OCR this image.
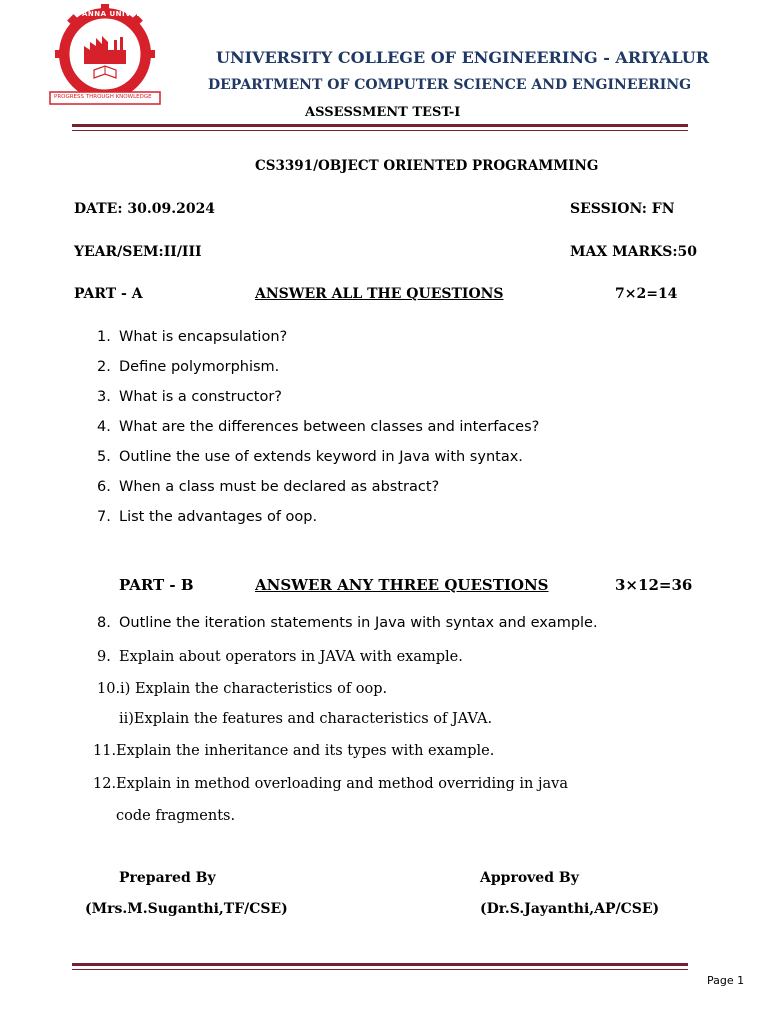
ANNA UNIVERSITY
PROGRESS THROUGH KNOWLEDGE
UNIVERSITY COLLEGE OF ENGINEERING - ARIYALUR
DEPARTMENT OF COMPUTER SCIENCE AND ENGINEERING
ASSESSMENT TEST-I
CS3391/OBJECT ORIENTED PROGRAMMING
DATE: 30.09.2024	SESSION: FN
YEAR/SEM:II/III	MAX MARKS:50
PART - A	ANSWER ALL THE QUESTIONS	7×2=14
1. What is encapsulation?
2. Define polymorphism.
3. What is a constructor?
4. What are the differences between classes and interfaces?
5. Outline the use of extends keyword in Java with syntax.
6. When a class must be declared as abstract?
7. List the advantages of oop.
PART - B	ANSWER ANY THREE QUESTIONS	3×12=36
8. Outline the iteration statements in Java with syntax and example.
9. Explain about operators in JAVA with example.
10.i) Explain the characteristics of oop.
ii)Explain the features and characteristics of JAVA.
11.Explain the inheritance and its types with example.
12.Explain in method overloading and method overriding in java
code fragments.
Prepared By
(Mrs.M.Suganthi,TF/CSE)
Approved By
(Dr.S.Jayanthi,AP/CSE)
Page 1
